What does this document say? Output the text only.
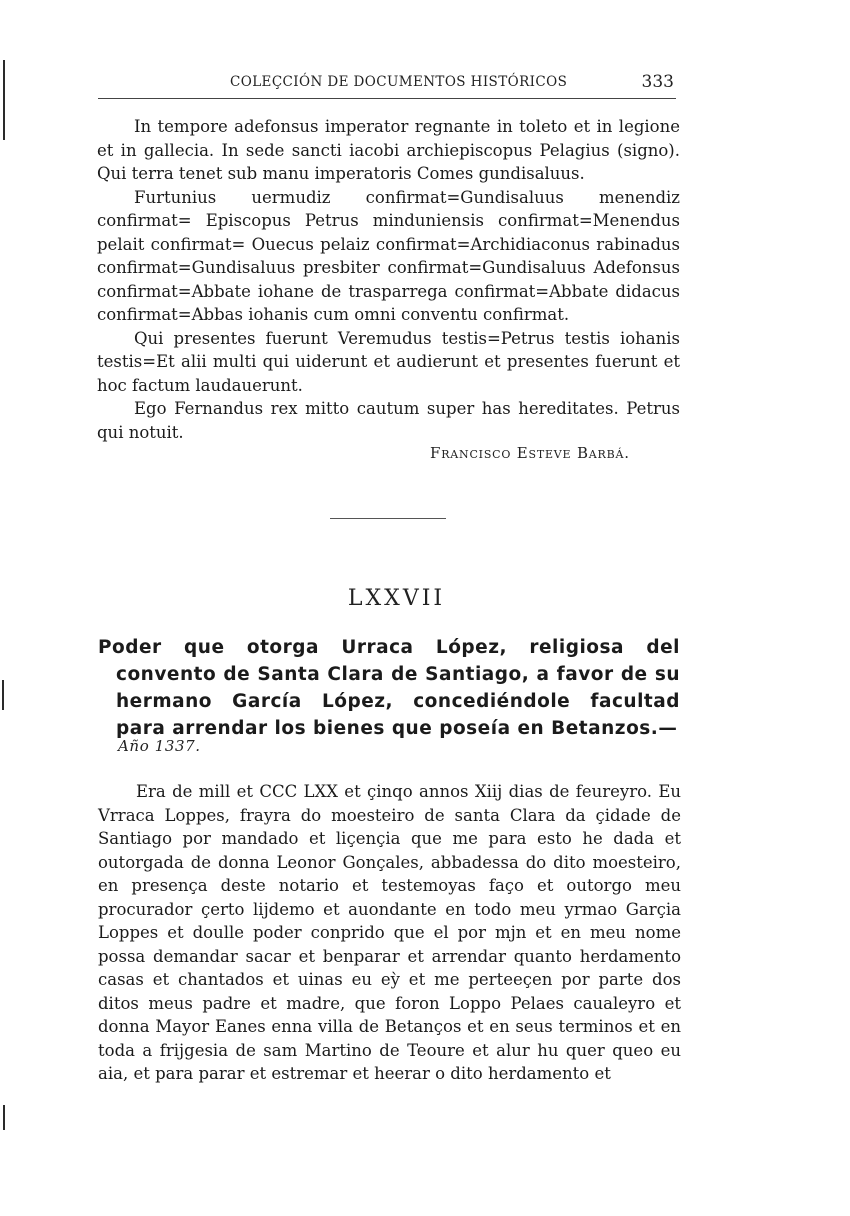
COLEÇCIÓN DE DOCUMENTOS HISTÓRICOS	333

In tempore adefonsus imperator regnante in toleto et in legione et in gallecia. In sede sancti iacobi archiepiscopus Pelagius (signo). Qui terra tenet sub manu imperatoris Comes gundisaluus.

Furtunius uermudiz confirmat=Gundisaluus menendiz confirmat= Episcopus Petrus minduniensis confirmat=Menendus pelait confirmat= Ouecus pelaiz confirmat=Archidiaconus rabinadus confirmat=Gundisaluus presbiter confirmat=Gundisaluus Adefonsus confirmat=Abbate iohane de trasparrega confirmat=Abbate didacus confirmat=Abbas iohanis cum omni conventu confirmat.

Qui presentes fuerunt Veremudus testis=Petrus testis iohanis testis=Et alii multi qui uiderunt et audierunt et presentes fuerunt et hoc factum laudauerunt.

Ego Fernandus rex mitto cautum super has hereditates. Petrus qui notuit.

Francisco Esteve Barbá.
LXXVII
Poder que otorga Urraca López, religiosa del convento de Santa Clara de Santiago, a favor de su hermano García López, concediéndole facultad para arrendar los bienes que poseía en Betanzos.—
Año 1337.

Era de mill et CCC LXX et çinqo annos Xiij dias de feureyro. Eu Vrraca Loppes, frayra do moesteiro de santa Clara da çidade de Santiago por mandado et liçençia que me para esto he dada et outorgada de donna Leonor Gonçales, abbadessa do dito moesteiro, en presença deste notario et testemoyas faço et outorgo meu procurador çerto lijdemo et auondante en todo meu yrmao Garçia Loppes et doulle poder conprido que el por mjn et en meu nome possa demandar sacar et benparar et arrendar quanto herdamento casas et chantados et uinas eu eỳ et me perteeçen por parte dos ditos meus padre et madre, que foron Loppo Pelaes caualeyro et donna Mayor Eanes enna villa de Betanços et en seus terminos et en toda a frijgesia de sam Martino de Teoure et alur hu quer queo eu aia, et para parar et estremar et heerar o dito herdamento et
